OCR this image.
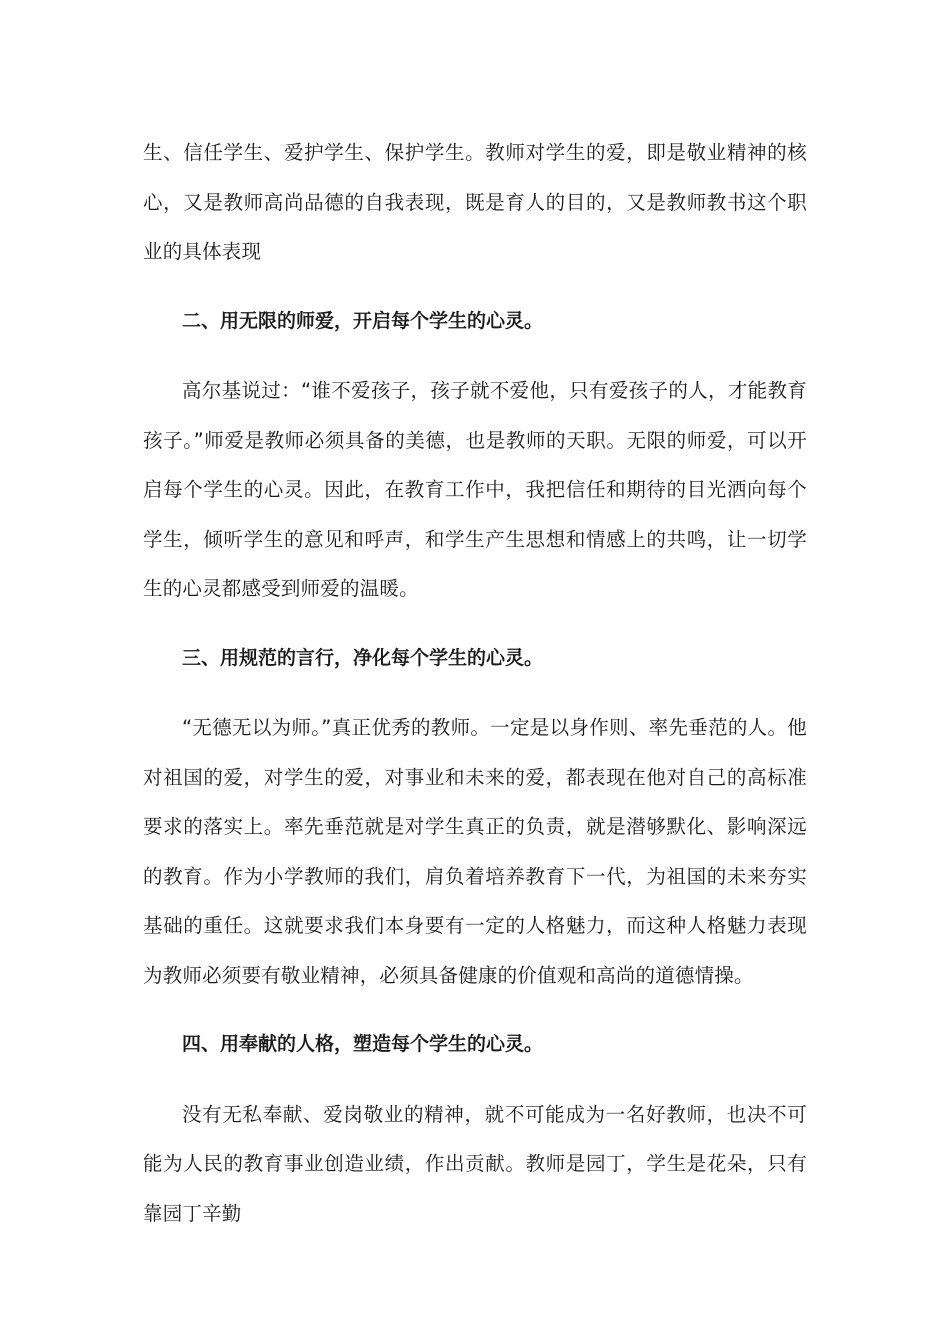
生、信任学生、爱护学生、保护学生。教师对学生的爱，即是敬业精神的核心，又是教师高尚品德的自我表现，既是育人的目的，又是教师教书这个职业的具体表现

二、用无限的师爱，开启每个学生的心灵。

高尔基说过：“谁不爱孩子，孩子就不爱他，只有爱孩子的人，才能教育孩子。”师爱是教师必须具备的美德，也是教师的天职。无限的师爱，可以开启每个学生的心灵。因此，在教育工作中，我把信任和期待的目光洒向每个学生，倾听学生的意见和呼声，和学生产生思想和情感上的共鸣，让一切学生的心灵都感受到师爱的温暖。

三、用规范的言行，净化每个学生的心灵。

“无德无以为师。”真正优秀的教师。一定是以身作则、率先垂范的人。他对祖国的爱，对学生的爱，对事业和未来的爱，都表现在他对自己的高标准要求的落实上。率先垂范就是对学生真正的负责，就是潜够默化、影响深远的教育。作为小学教师的我们，肩负着培养教育下一代，为祖国的未来夯实基础的重任。这就要求我们本身要有一定的人格魅力，而这种人格魅力表现为教师必须要有敬业精神，必须具备健康的价值观和高尚的道德情操。

四、用奉献的人格，塑造每个学生的心灵。

没有无私奉献、爱岗敬业的精神，就不可能成为一名好教师，也决不可能为人民的教育事业创造业绩，作出贡献。教师是园丁，学生是花朵，只有靠园丁辛勤
